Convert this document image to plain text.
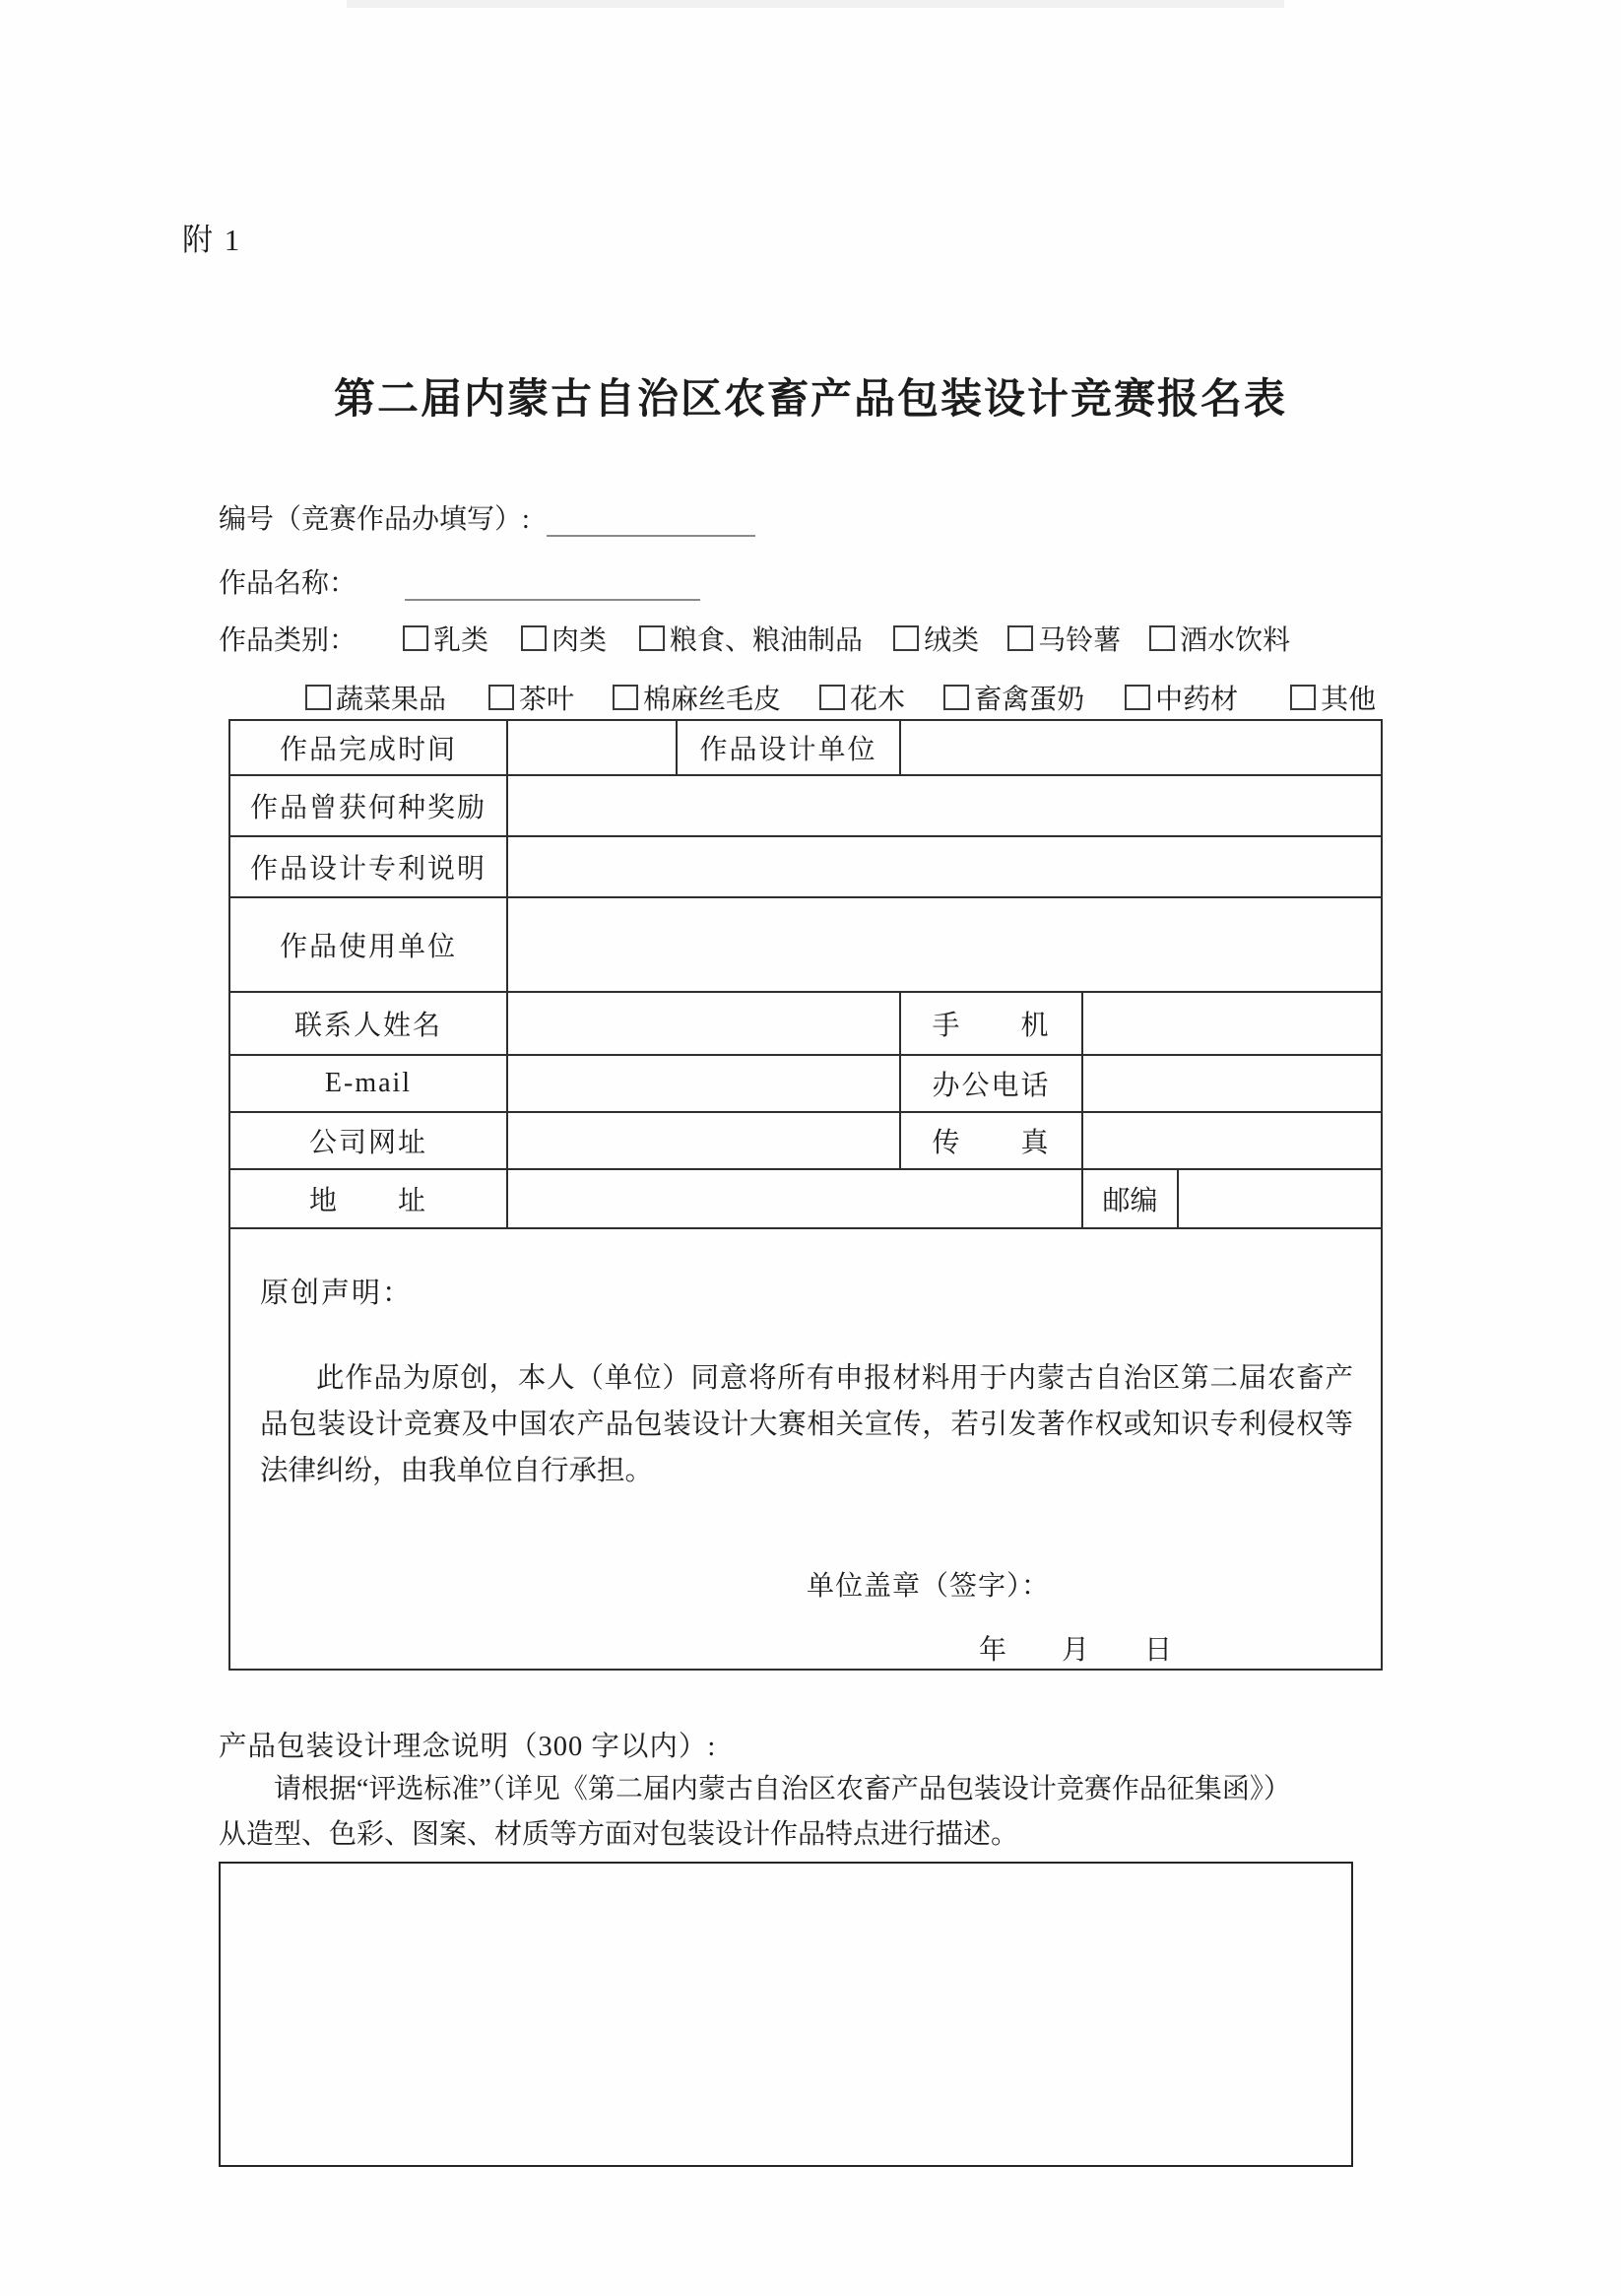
附 1
第二届内蒙古自治区农畜产品包装设计竞赛报名表
编号（竞赛作品办填写）:
作品名称：
作品类别：	乳类 肉类 粮食、粮油制品 绒类 马铃薯 酒水饮料
蔬菜果品	茶叶	棉麻丝毛皮	花木	畜禽蛋奶	中药材	其他
作品完成时间		作品设计单位			
作品曾获何种奖励					
作品设计专利说明					
作品使用单位					
联系人姓名			手　　机		
E-mail			办公电话		
公司网址			传　　真		
地　　址				邮编	

原创声明：

此作品为原创，本人（单位）同意将所有申报材料用于内蒙古自治区第二届农畜产品包装设计竞赛及中国农产品包装设计大赛相关宣传，若引发著作权或知识专利侵权等法律纠纷，由我单位自行承担。

单位盖章（签字）：
年　　月　　日					
产品包装设计理念说明（300 字以内）:
请根据“评选标准”（详见《第二届内蒙古自治区农畜产品包装设计竞赛作品征集函》）
从造型、色彩、图案、材质等方面对包装设计作品特点进行描述。
